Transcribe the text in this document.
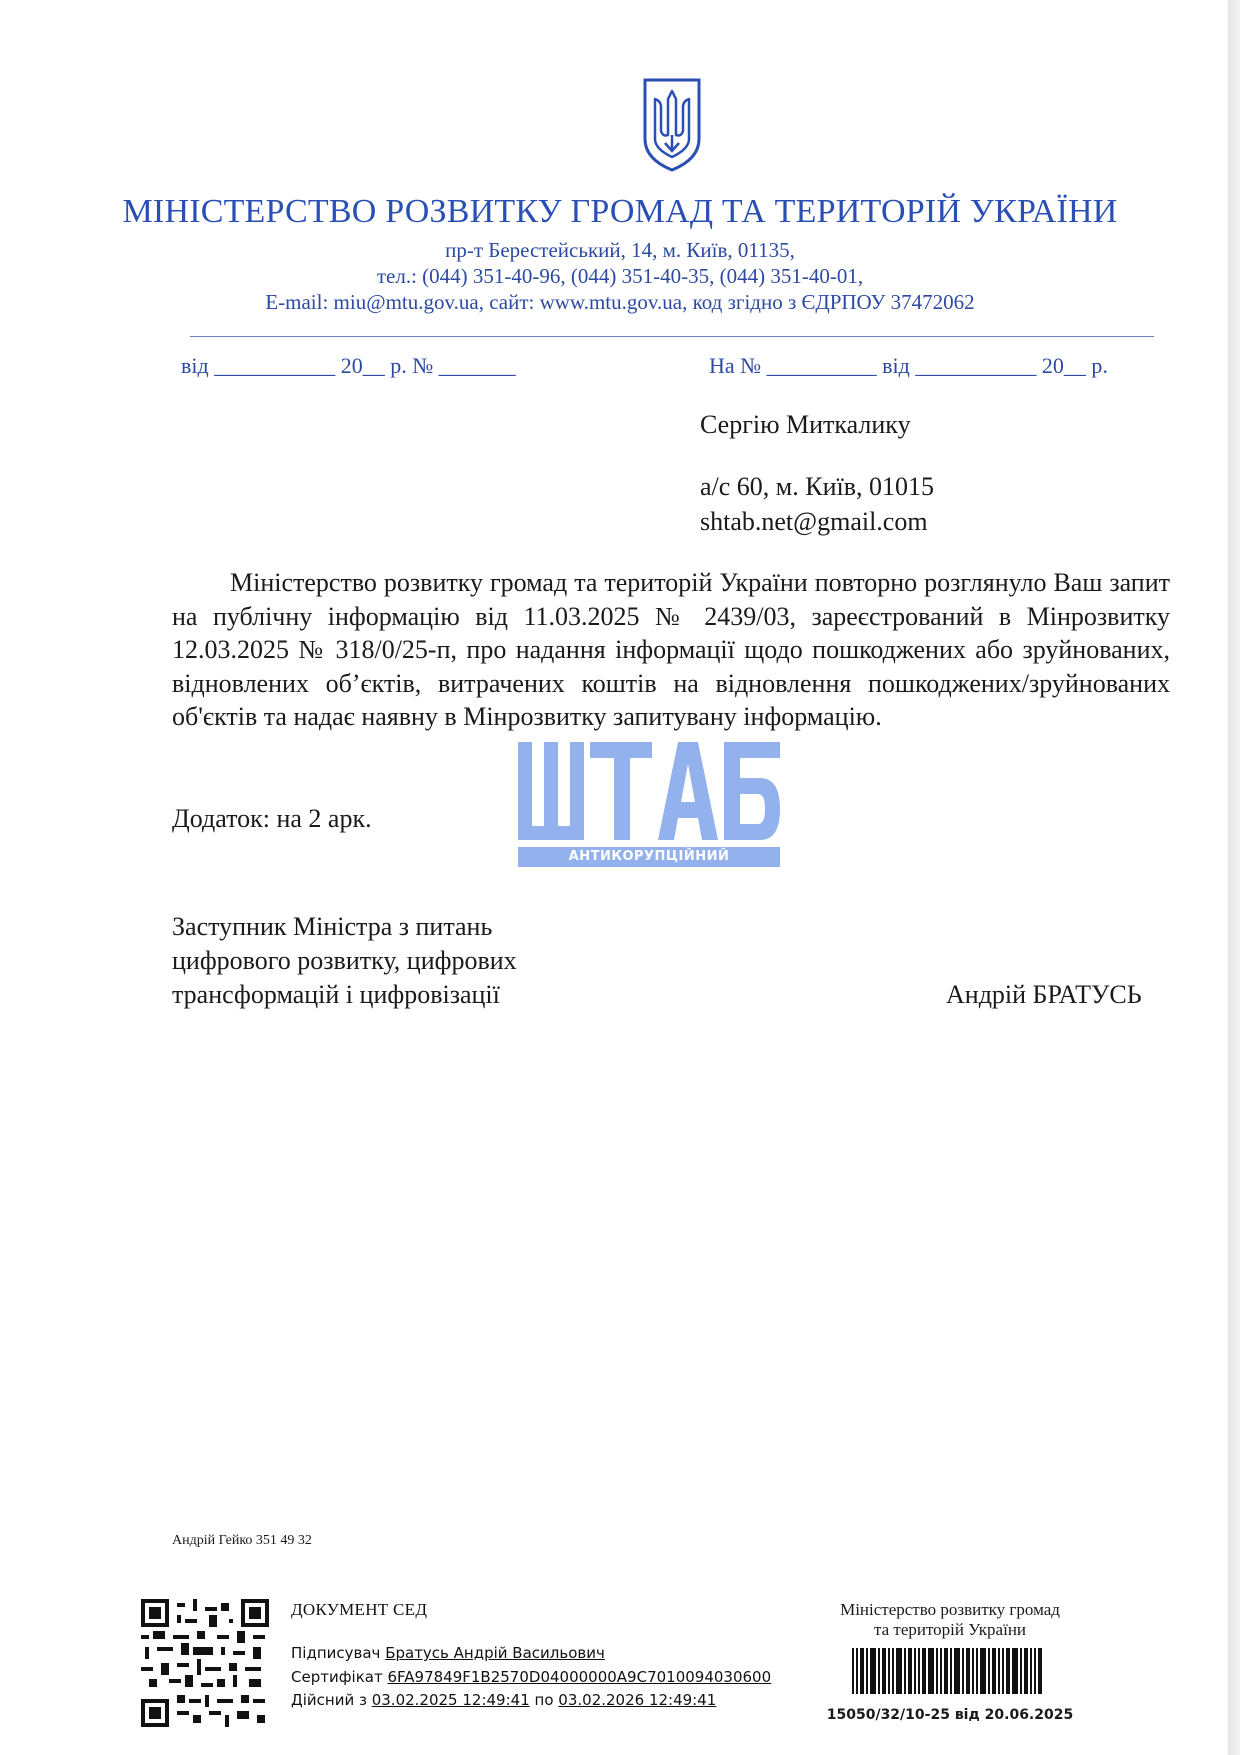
МІНІСТЕРСТВО РОЗВИТКУ ГРОМАД ТА ТЕРИТОРІЙ УКРАЇНИ
пр-т Берестейський, 14, м. Київ, 01135,
тел.: (044) 351-40-96, (044) 351-40-35, (044) 351-40-01,
E-mail: miu@mtu.gov.ua, сайт: www.mtu.gov.ua, код згідно з ЄДРПОУ 37472062
від ___________ 20__ р. № _______	На № __________ від ___________ 20__ р.
Сергію Миткалику
а/с 60, м. Київ, 01015
shtab.net@gmail.com
Міністерство розвитку громад та територій України повторно розглянуло Ваш запит на публічну інформацію від 11.03.2025 № 2439/03, зареєстрований в Мінрозвитку 12.03.2025 № 318/0/25-п, про надання інформації щодо пошкоджених або зруйнованих, відновлених об’єктів, витрачених коштів на відновлення пошкоджених/зруйнованих об'єктів та надає наявну в Мінрозвитку запитувану інформацію.
Додаток: на 2 арк.
Заступник Міністра з питань
цифрового розвитку, цифрових
трансформацій і цифровізації	Андрій БРАТУСЬ
Андрій Гейко 351 49 32
ДОКУМЕНТ СЕД
Підписувач Братусь Андрій Васильович
Сертифікат 6FA97849F1B2570D04000000A9C7010094030600
Дійсний з 03.02.2025 12:49:41 по 03.02.2026 12:49:41
Міністерство розвитку громад
та територій України
15050/32/10-25 від 20.06.2025
АНТИКОРУПЦІЙНИЙ
